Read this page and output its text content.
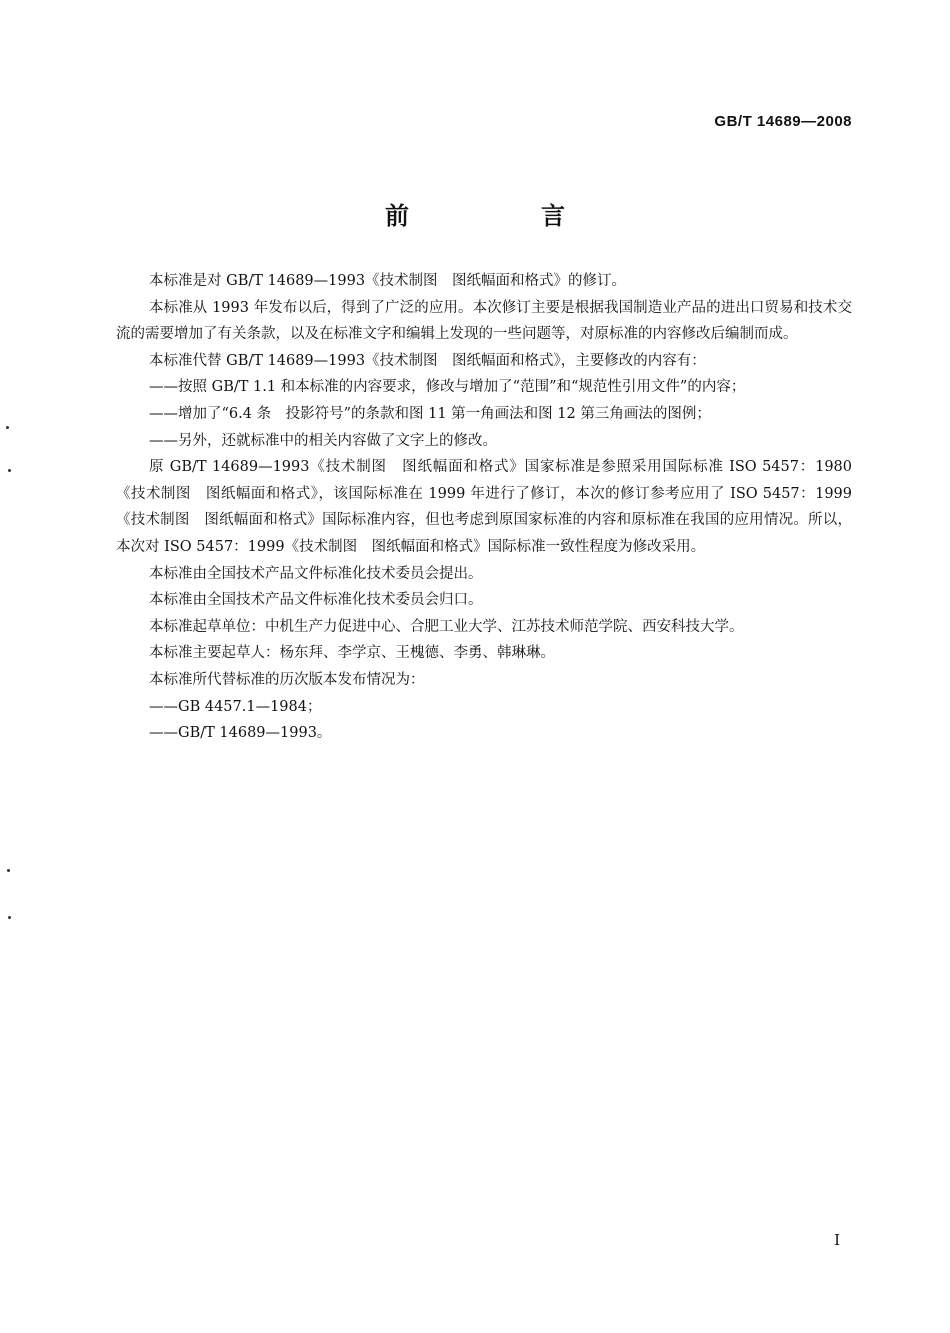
GB/T 14689—2008
前　言

本标准是对 GB/T 14689—1993《技术制图　图纸幅面和格式》的修订。

本标准从 1993 年发布以后，得到了广泛的应用。本次修订主要是根据我国制造业产品的进出口贸易和技术交流的需要增加了有关条款，以及在标准文字和编辑上发现的一些问题等，对原标准的内容修改后编制而成。

本标准代替 GB/T 14689—1993《技术制图　图纸幅面和格式》，主要修改的内容有：

——按照 GB/T 1.1 和本标准的内容要求，修改与增加了“范围”和“规范性引用文件”的内容；

——增加了“6.4 条　投影符号”的条款和图 11 第一角画法和图 12 第三角画法的图例；

——另外，还就标准中的相关内容做了文字上的修改。

原 GB/T 14689—1993《技术制图　图纸幅面和格式》国家标准是参照采用国际标准 ISO 5457：1980《技术制图　图纸幅面和格式》，该国际标准在 1999 年进行了修订，本次的修订参考应用了 ISO 5457：1999《技术制图　图纸幅面和格式》国际标准内容，但也考虑到原国家标准的内容和原标准在我国的应用情况。所以，本次对 ISO 5457：1999《技术制图　图纸幅面和格式》国际标准一致性程度为修改采用。

本标准由全国技术产品文件标准化技术委员会提出。

本标准由全国技术产品文件标准化技术委员会归口。

本标准起草单位：中机生产力促进中心、合肥工业大学、江苏技术师范学院、西安科技大学。

本标准主要起草人：杨东拜、李学京、王槐德、李勇、韩琳琳。

本标准所代替标准的历次版本发布情况为：

——GB 4457.1—1984；

——GB/T 14689—1993。

I
